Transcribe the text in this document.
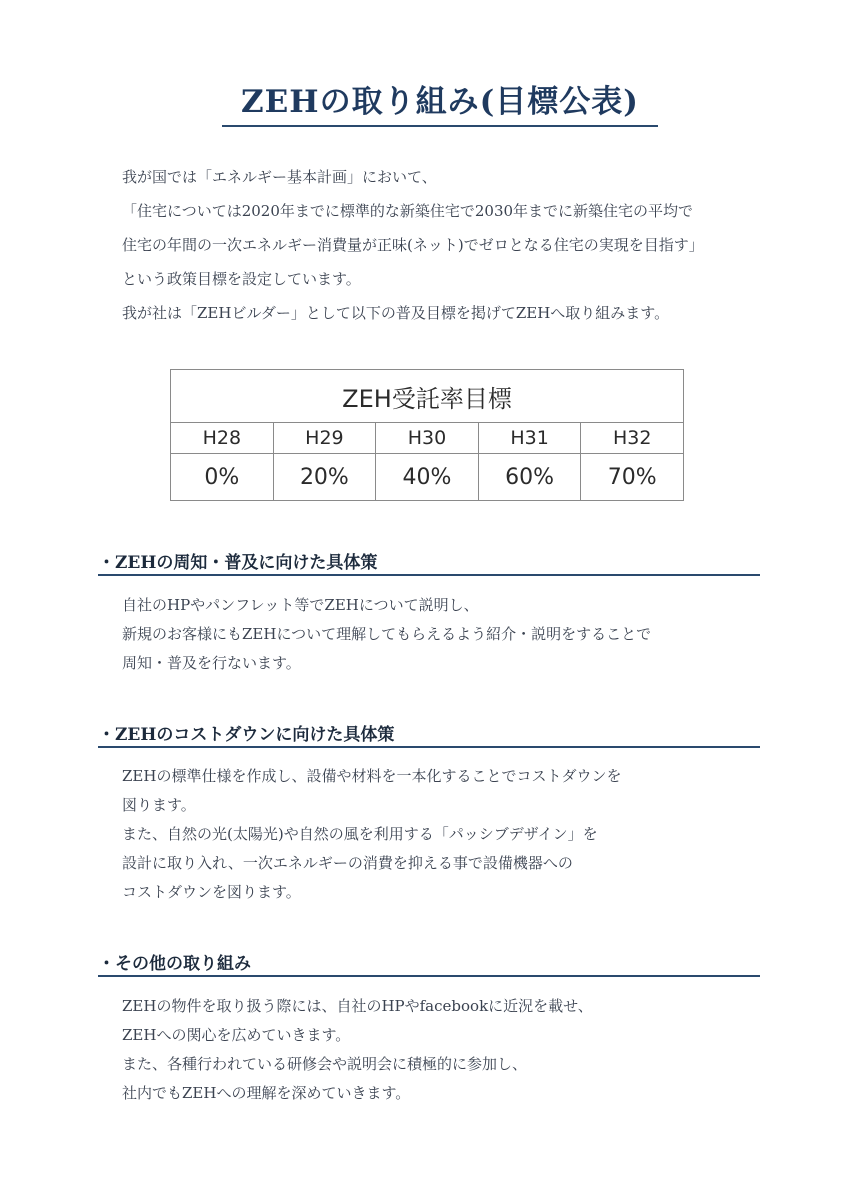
ZEHの取り組み(目標公表)

我が国では「エネルギー基本計画」において、

「住宅については2020年までに標準的な新築住宅で2030年までに新築住宅の平均で

住宅の年間の一次エネルギー消費量が正味(ネット)でゼロとなる住宅の実現を目指す」

という政策目標を設定しています。

我が社は「ZEHビルダー」として以下の普及目標を掲げてZEHへ取り組みます。

ZEH受託率目標				
H28	H29	H30	H31	H32
0%	20%	40%	60%	70%
・ZEHの周知・普及に向けた具体策

自社のHPやパンフレット等でZEHについて説明し、

新規のお客様にもZEHについて理解してもらえるよう紹介・説明をすることで

周知・普及を行ないます。

・ZEHのコストダウンに向けた具体策

ZEHの標準仕様を作成し、設備や材料を一本化することでコストダウンを

図ります。

また、自然の光(太陽光)や自然の風を利用する「パッシブデザイン」を

設計に取り入れ、一次エネルギーの消費を抑える事で設備機器への

コストダウンを図ります。

・その他の取り組み

ZEHの物件を取り扱う際には、自社のHPやfacebookに近況を載せ、

ZEHへの関心を広めていきます。

また、各種行われている研修会や説明会に積極的に参加し、

社内でもZEHへの理解を深めていきます。
